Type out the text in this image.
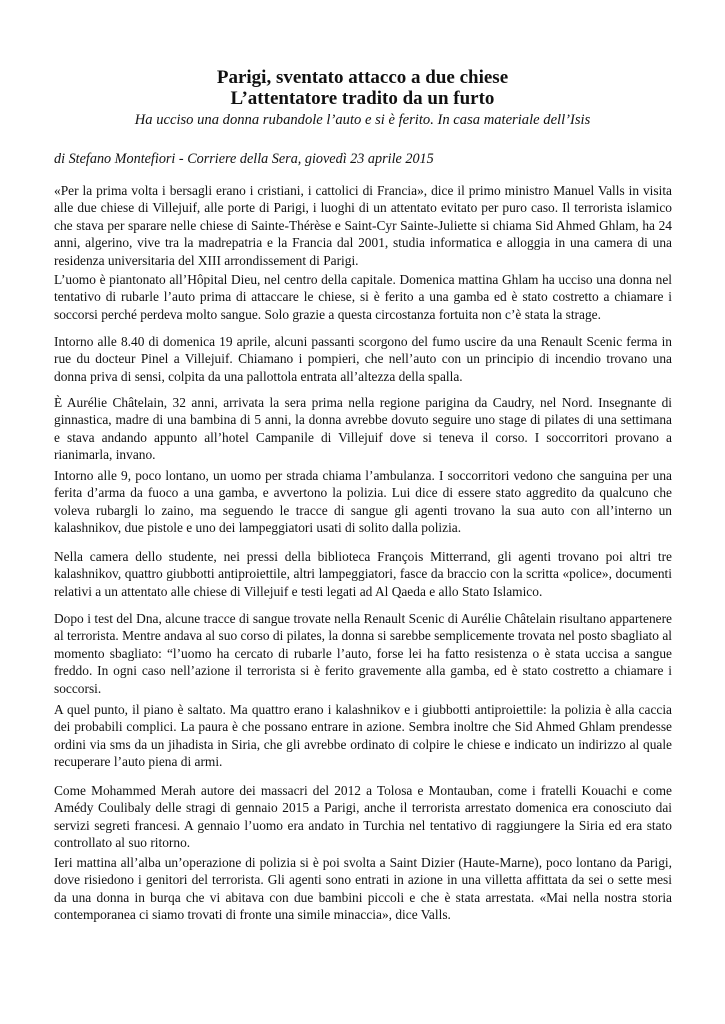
Parigi, sventato attacco a due chiese
L’attentatore tradito da un furto

Ha ucciso una donna rubandole l’auto e si è ferito. In casa materiale dell’Isis

di Stefano Montefiori - Corriere della Sera, giovedì 23 aprile 2015

«Per la prima volta i bersagli erano i cristiani, i cattolici di Francia», dice il primo ministro Manuel Valls in visita alle due chiese di Villejuif, alle porte di Parigi, i luoghi di un attentato evitato per puro caso. Il terrorista islamico che stava per sparare nelle chiese di Sainte-Thérèse e Saint-Cyr Sainte-Juliette si chiama Sid Ahmed Ghlam, ha 24 anni, algerino, vive tra la madrepatria e la Francia dal 2001, studia informatica e alloggia in una camera di una residenza universitaria del XIII arrondissement di Parigi.

L’uomo è piantonato all’Hôpital Dieu, nel centro della capitale. Domenica mattina Ghlam ha ucciso una donna nel tentativo di rubarle l’auto prima di attaccare le chiese, si è ferito a una gamba ed è stato costretto a chiamare i soccorsi perché perdeva molto sangue. Solo grazie a questa circostanza fortuita non c’è stata la strage.

Intorno alle 8.40 di domenica 19 aprile, alcuni passanti scorgono del fumo uscire da una Renault Scenic ferma in rue du docteur Pinel a Villejuif. Chiamano i pompieri, che nell’auto con un principio di incendio trovano una donna priva di sensi, colpita da una pallottola entrata all’altezza della spalla.

È Aurélie Châtelain, 32 anni, arrivata la sera prima nella regione parigina da Caudry, nel Nord. Insegnante di ginnastica, madre di una bambina di 5 anni, la donna avrebbe dovuto seguire uno stage di pilates di una settimana e stava andando appunto all’hotel Campanile di Villejuif dove si teneva il corso. I soccorritori provano a rianimarla, invano.

Intorno alle 9, poco lontano, un uomo per strada chiama l’ambulanza. I soccorritori vedono che sanguina per una ferita d’arma da fuoco a una gamba, e avvertono la polizia. Lui dice di essere stato aggredito da qualcuno che voleva rubargli lo zaino, ma seguendo le tracce di sangue gli agenti trovano la sua auto con all’interno un kalashnikov, due pistole e uno dei lampeggiatori usati di solito dalla polizia.

Nella camera dello studente, nei pressi della biblioteca François Mitterrand, gli agenti trovano poi altri tre kalashnikov, quattro giubbotti antiproiettile, altri lampeggiatori, fasce da braccio con la scritta «police», documenti relativi a un attentato alle chiese di Villejuif e testi legati ad Al Qaeda e allo Stato Islamico.

Dopo i test del Dna, alcune tracce di sangue trovate nella Renault Scenic di Aurélie Châtelain risultano appartenere al terrorista. Mentre andava al suo corso di pilates, la donna si sarebbe semplicemente trovata nel posto sbagliato al momento sbagliato: “l’uomo ha cercato di rubarle l’auto, forse lei ha fatto resistenza o è stata uccisa a sangue freddo. In ogni caso nell’azione il terrorista si è ferito gravemente alla gamba, ed è stato costretto a chiamare i soccorsi.

A quel punto, il piano è saltato. Ma quattro erano i kalashnikov e i giubbotti antiproiettile: la polizia è alla caccia dei probabili complici. La paura è che possano entrare in azione. Sembra inoltre che Sid Ahmed Ghlam prendesse ordini via sms da un jihadista in Siria, che gli avrebbe ordinato di colpire le chiese e indicato un indirizzo al quale recuperare l’auto piena di armi.

Come Mohammed Merah autore dei massacri del 2012 a Tolosa e Montauban, come i fratelli Kouachi e come Amédy Coulibaly delle stragi di gennaio 2015 a Parigi, anche il terrorista arrestato domenica era conosciuto dai servizi segreti francesi. A gennaio l’uomo era andato in Turchia nel tentativo di raggiungere la Siria ed era stato controllato al suo ritorno.

Ieri mattina all’alba un’operazione di polizia si è poi svolta a Saint Dizier (Haute-Marne), poco lontano da Parigi, dove risiedono i genitori del terrorista. Gli agenti sono entrati in azione in una villetta affittata da sei o sette mesi da una donna in burqa che vi abitava con due bambini piccoli e che è stata arrestata. «Mai nella nostra storia contemporanea ci siamo trovati di fronte una simile minaccia», dice Valls.
